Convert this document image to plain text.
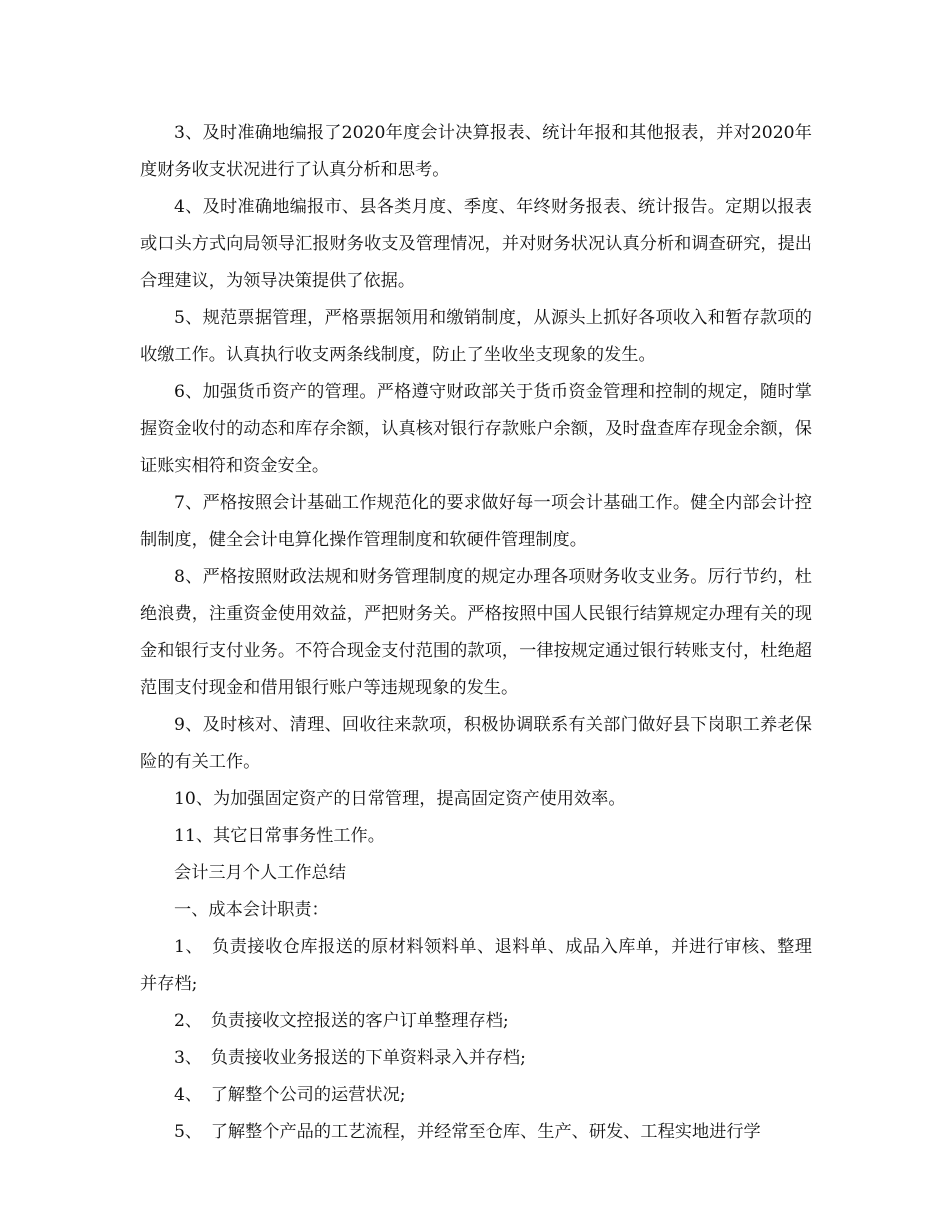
3、及时准确地编报了2020年度会计决算报表、统计年报和其他报表，并对2020年度财务收支状况进行了认真分析和思考。

4、及时准确地编报市、县各类月度、季度、年终财务报表、统计报告。定期以报表或口头方式向局领导汇报财务收支及管理情况，并对财务状况认真分析和调查研究，提出合理建议，为领导决策提供了依据。

5、规范票据管理，严格票据领用和缴销制度，从源头上抓好各项收入和暂存款项的收缴工作。认真执行收支两条线制度，防止了坐收坐支现象的发生。

6、加强货币资产的管理。严格遵守财政部关于货币资金管理和控制的规定，随时掌握资金收付的动态和库存余额，认真核对银行存款账户余额，及时盘查库存现金余额，保证账实相符和资金安全。

7、严格按照会计基础工作规范化的要求做好每一项会计基础工作。健全内部会计控制制度，健全会计电算化操作管理制度和软硬件管理制度。

8、严格按照财政法规和财务管理制度的规定办理各项财务收支业务。厉行节约，杜绝浪费，注重资金使用效益，严把财务关。严格按照中国人民银行结算规定办理有关的现金和银行支付业务。不符合现金支付范围的款项，一律按规定通过银行转账支付，杜绝超范围支付现金和借用银行账户等违规现象的发生。

9、及时核对、清理、回收往来款项，积极协调联系有关部门做好县下岗职工养老保险的有关工作。

10、为加强固定资产的日常管理，提高固定资产使用效率。

11、其它日常事务性工作。

会计三月个人工作总结

一、成本会计职责：

1、　负责接收仓库报送的原材料领料单、退料单、成品入库单，并进行审核、整理并存档;

2、　负责接收文控报送的客户订单整理存档;

3、　负责接收业务报送的下单资料录入并存档;

4、　了解整个公司的运营状况;

5、　了解整个产品的工艺流程，并经常至仓库、生产、研发、工程实地进行学
